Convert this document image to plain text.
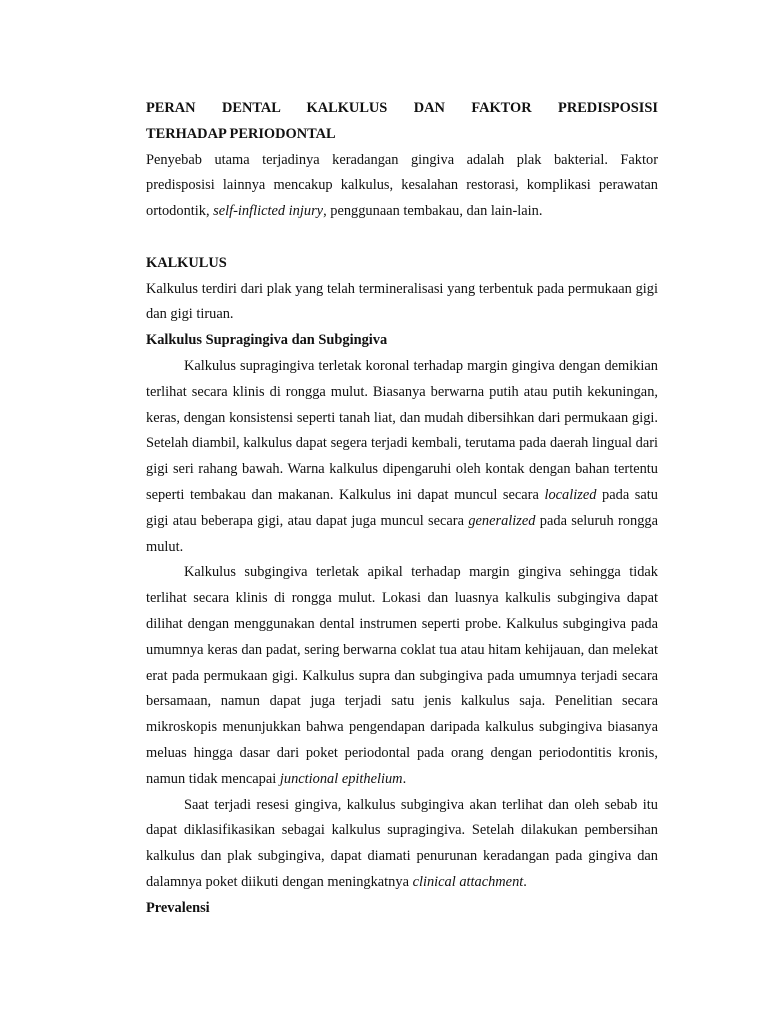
PERAN DENTAL KALKULUS DAN FAKTOR PREDISPOSISI
TERHADAP PERIODONTAL

Penyebab utama terjadinya keradangan gingiva adalah plak bakterial. Faktor predisposisi lainnya mencakup kalkulus, kesalahan restorasi, komplikasi perawatan ortodontik, self-inflicted injury, penggunaan tembakau, dan lain-lain.

KALKULUS

Kalkulus terdiri dari plak yang telah termineralisasi yang terbentuk pada permukaan gigi dan gigi tiruan.

Kalkulus Supragingiva dan Subgingiva

Kalkulus supragingiva terletak koronal terhadap margin gingiva dengan demikian terlihat secara klinis di rongga mulut. Biasanya berwarna putih atau putih kekuningan, keras, dengan konsistensi seperti tanah liat, dan mudah dibersihkan dari permukaan gigi. Setelah diambil, kalkulus dapat segera terjadi kembali, terutama pada daerah lingual dari gigi seri rahang bawah. Warna kalkulus dipengaruhi oleh kontak dengan bahan tertentu seperti tembakau dan makanan. Kalkulus ini dapat muncul secara localized pada satu gigi atau beberapa gigi, atau dapat juga muncul secara generalized pada seluruh rongga mulut.

Kalkulus subgingiva terletak apikal terhadap margin gingiva sehingga tidak terlihat secara klinis di rongga mulut. Lokasi dan luasnya kalkulis subgingiva dapat dilihat dengan menggunakan dental instrumen seperti probe. Kalkulus subgingiva pada umumnya keras dan padat, sering berwarna coklat tua atau hitam kehijauan, dan melekat erat pada permukaan gigi. Kalkulus supra dan subgingiva pada umumnya terjadi secara bersamaan, namun dapat juga terjadi satu jenis kalkulus saja. Penelitian secara mikroskopis menunjukkan bahwa pengendapan daripada kalkulus subgingiva biasanya meluas hingga dasar dari poket periodontal pada orang dengan periodontitis kronis, namun tidak mencapai junctional epithelium.

Saat terjadi resesi gingiva, kalkulus subgingiva akan terlihat dan oleh sebab itu dapat diklasifikasikan sebagai kalkulus supragingiva. Setelah dilakukan pembersihan kalkulus dan plak subgingiva, dapat diamati penurunan keradangan pada gingiva dan dalamnya poket diikuti dengan meningkatnya clinical attachment.

Prevalensi
